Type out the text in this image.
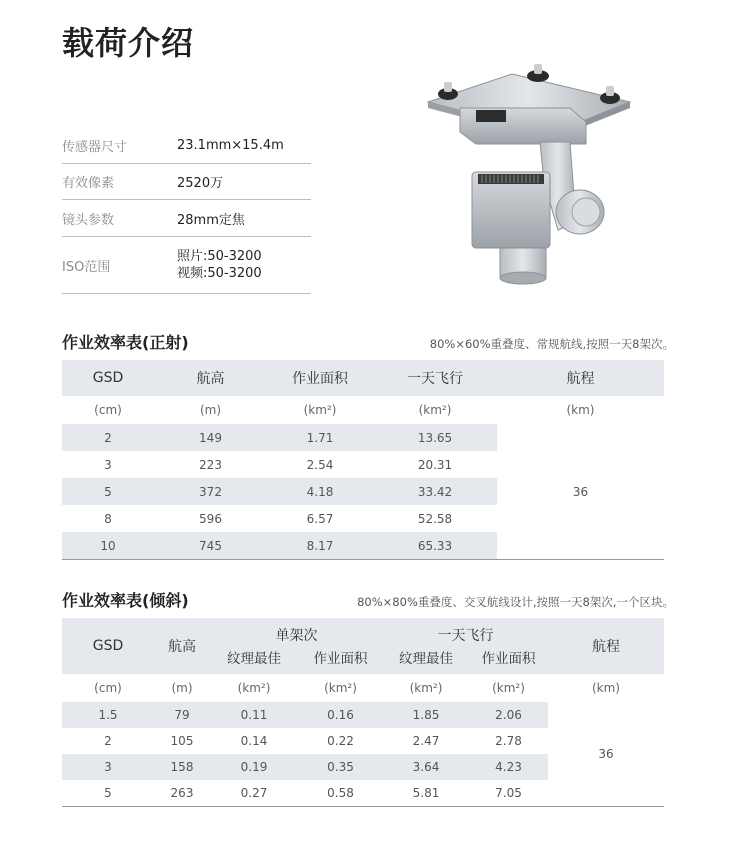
载荷介绍
传感器尺寸	23.1mm×15.4m
有效像素	2520万
镜头参数	28mm定焦
ISO范围
照片:50-3200
视频:50-3200
作业效率表(正射)	80%×60%重叠度、常规航线,按照一天8架次。
GSD	航高	作业面积	一天飞行	航程
(cm)	(m)	(km²)	(km²)	(km)
2	149	1.71	13.65	36
3	223	2.54	20.31	
5	372	4.18	33.42	
8	596	6.57	52.58	
10	745	8.17	65.33	
作业效率表(倾斜)	80%×80%重叠度、交叉航线设计,按照一天8架次,一个区块。
GSD	航高	单架次		一天飞行		航程
		纹理最佳	作业面积	纹理最佳	作业面积	
(cm)	(m)	(km²)	(km²)	(km²)	(km²)	(km)
1.5	79	0.11	0.16	1.85	2.06	36
2	105	0.14	0.22	2.47	2.78	
3	158	0.19	0.35	3.64	4.23	
5	263	0.27	0.58	5.81	7.05	
